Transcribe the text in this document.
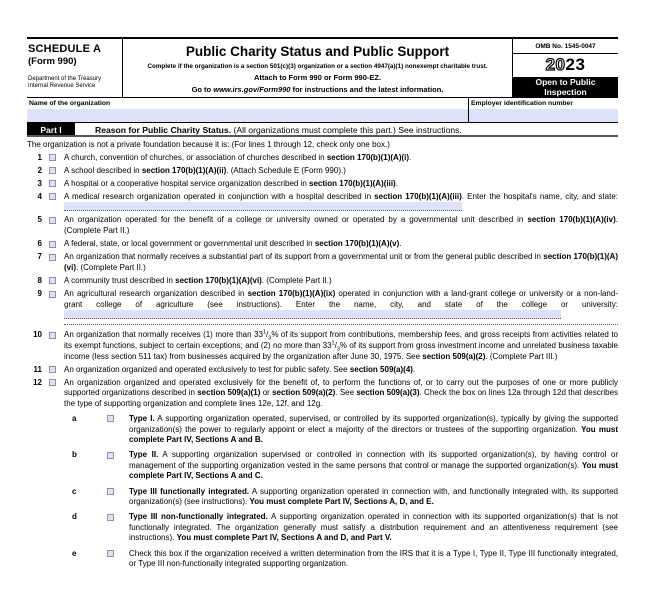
SCHEDULE A
(Form 990)
Department of the Treasury
Internal Revenue Service
Public Charity Status and Public Support
Complete if the organization is a section 501(c)(3) organization or a section 4947(a)(1) nonexempt charitable trust.
Attach to Form 990 or Form 990-EZ.
Go to www.irs.gov/Form990 for instructions and the latest information.
OMB No. 1545-0047
2023
Open to Public
Inspection
Name of the organization	Employer identification number
Part I	Reason for Public Charity Status. (All organizations must complete this part.) See instructions.
The organization is not a private foundation because it is: (For lines 1 through 12, check only one box.)
1	A church, convention of churches, or association of churches described in section 170(b)(1)(A)(i).
2	A school described in section 170(b)(1)(A)(ii). (Attach Schedule E (Form 990).)
3	A hospital or a cooperative hospital service organization described in section 170(b)(1)(A)(iii).
4	A medical research organization operated in conjunction with a hospital described in section 170(b)(1)(A)(iii). Enter the hospital's name, city, and state:
5	An organization operated for the benefit of a college or university owned or operated by a governmental unit described in section 170(b)(1)(A)(iv). (Complete Part II.)
6	A federal, state, or local government or governmental unit described in section 170(b)(1)(A)(v).
7	An organization that normally receives a substantial part of its support from a governmental unit or from the general public described in section 170(b)(1)(A)(vi). (Complete Part II.)
8	A community trust described in section 170(b)(1)(A)(vi). (Complete Part II.)
9	An agricultural research organization described in section 170(b)(1)(A)(ix) operated in conjunction with a land-grant college or university or a non-land-grant college of agriculture (see instructions). Enter the name, city, and state of the college or university:
10	An organization that normally receives (1) more than $33^1/_3\%$ of its support from contributions, membership fees, and gross receipts from activities related to its exempt functions, subject to certain exceptions; and (2) no more than $33^1/_3\%$ of its support from gross investment income and unrelated business taxable income (less section 511 tax) from businesses acquired by the organization after June 30, 1975. See section 509(a)(2). (Complete Part III.)
11	An organization organized and operated exclusively to test for public safety. See section 509(a)(4).
12	An organization organized and operated exclusively for the benefit of, to perform the functions of, or to carry out the purposes of one or more publicly supported organizations described in section 509(a)(1) or section 509(a)(2). See section 509(a)(3). Check the box on lines 12a through 12d that describes the type of supporting organization and complete lines 12e, 12f, and 12g.
a	Type I. A supporting organization operated, supervised, or controlled by its supported organization(s), typically by giving the supported organization(s) the power to regularly appoint or elect a majority of the directors or trustees of the supporting organization. You must complete Part IV, Sections A and B.
b	Type II. A supporting organization supervised or controlled in connection with its supported organization(s), by having control or management of the supporting organization vested in the same persons that control or manage the supported organization(s). You must complete Part IV, Sections A and C.
c	Type III functionally integrated. A supporting organization operated in connection with, and functionally integrated with, its supported organization(s) (see instructions). You must complete Part IV, Sections A, D, and E.
d	Type III non-functionally integrated. A supporting organization operated in connection with its supported organization(s) that is not functionally integrated. The organization generally must satisfy a distribution requirement and an attentiveness requirement (see instructions). You must complete Part IV, Sections A and D, and Part V.
e	Check this box if the organization received a written determination from the IRS that it is a Type I, Type II, Type III functionally integrated, or Type III non-functionally integrated supporting organization.
